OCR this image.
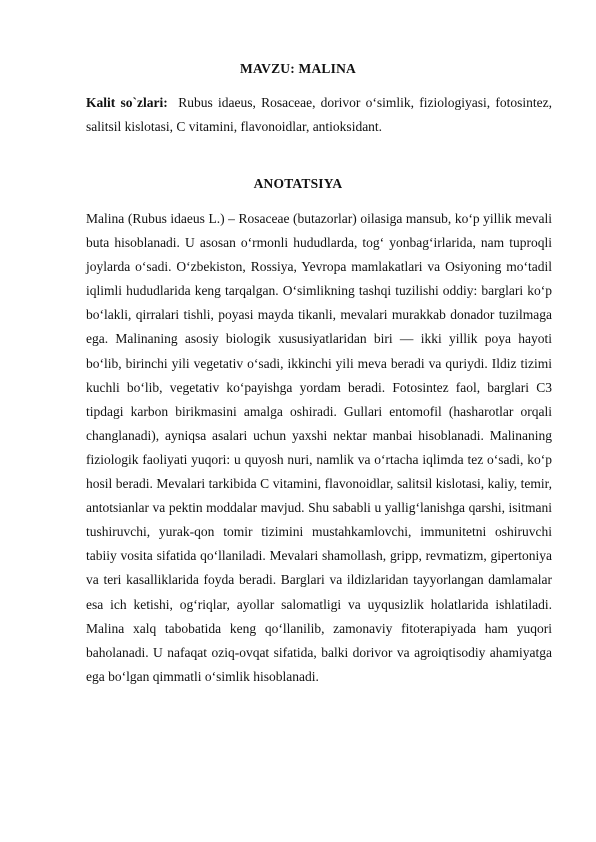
MAVZU: MALINA
Kalit so`zlari: Rubus idaeus, Rosaceae, dorivor o‘simlik, fiziologiyasi, fotosintez, salitsil kislotasi, C vitamini, flavonoidlar, antioksidant.
ANOTATSIYA

Malina (Rubus idaeus L.) – Rosaceae (butazorlar) oilasiga mansub, ko‘p yillik mevali buta hisoblanadi. U asosan o‘rmonli hududlarda, tog‘ yonbag‘irlarida, nam tuproqli joylarda o‘sadi. O‘zbekiston, Rossiya, Yevropa mamlakatlari va Osiyoning mo‘tadil iqlimli hududlarida keng tarqalgan. O‘simlikning tashqi tuzilishi oddiy: barglari ko‘p bo‘lakli, qirralari tishli, poyasi mayda tikanli, mevalari murakkab donador tuzilmaga ega. Malinaning asosiy biologik xususiyatlaridan biri — ikki yillik poya hayoti bo‘lib, birinchi yili vegetativ o‘sadi, ikkinchi yili meva beradi va quriydi. Ildiz tizimi kuchli bo‘lib, vegetativ ko‘payishga yordam beradi. Fotosintez faol, barglari C3 tipdagi karbon birikmasini amalga oshiradi. Gullari entomofil (hasharotlar orqali changlanadi), ayniqsa asalari uchun yaxshi nektar manbai hisoblanadi. Malinaning fiziologik faoliyati yuqori: u quyosh nuri, namlik va o‘rtacha iqlimda tez o‘sadi, ko‘p hosil beradi. Mevalari tarkibida C vitamini, flavonoidlar, salitsil kislotasi, kaliy, temir, antotsianlar va pektin moddalar mavjud. Shu sababli u yallig‘lanishga qarshi, isitmani tushiruvchi, yurak-qon tomir tizimini mustahkamlovchi, immunitetni oshiruvchi tabiiy vosita sifatida qo‘llaniladi. Mevalari shamollash, gripp, revmatizm, gipertoniya va teri kasalliklarida foyda beradi. Barglari va ildizlaridan tayyorlangan damlamalar esa ich ketishi, og‘riqlar, ayollar salomatligi va uyqusizlik holatlarida ishlatiladi. Malina xalq tabobatida keng qo‘llanilib, zamonaviy fitoterapiyada ham yuqori baholanadi. U nafaqat oziq-ovqat sifatida, balki dorivor va agroiqtisodiy ahamiyatga ega bo‘lgan qimmatli o‘simlik hisoblanadi.
